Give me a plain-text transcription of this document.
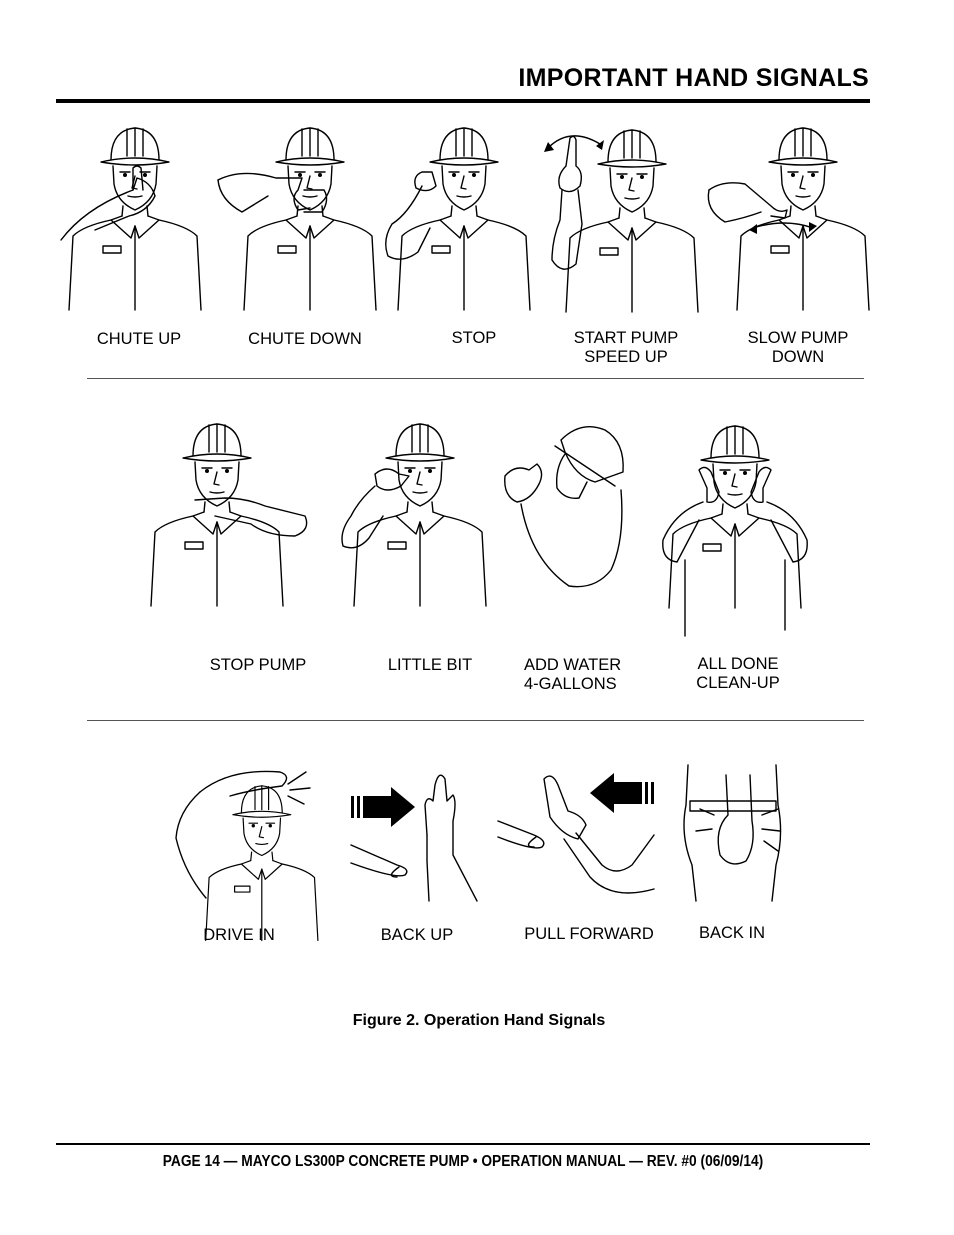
IMPORTANT HAND SIGNALS
CHUTE UP	CHUTE DOWN	STOP	START PUMP
SPEED UP
SLOW PUMP
DOWN
STOP PUMP	LITTLE BIT	ADD WATER
4-GALLONS
ALL DONE
CLEAN-UP
DRIVE IN	BACK UP	PULL FORWARD	BACK IN
Figure 2. Operation Hand Signals
PAGE 14 — MAYCO LS300P CONCRETE PUMP • OPERATION MANUAL — REV. #0 (06/09/14)
